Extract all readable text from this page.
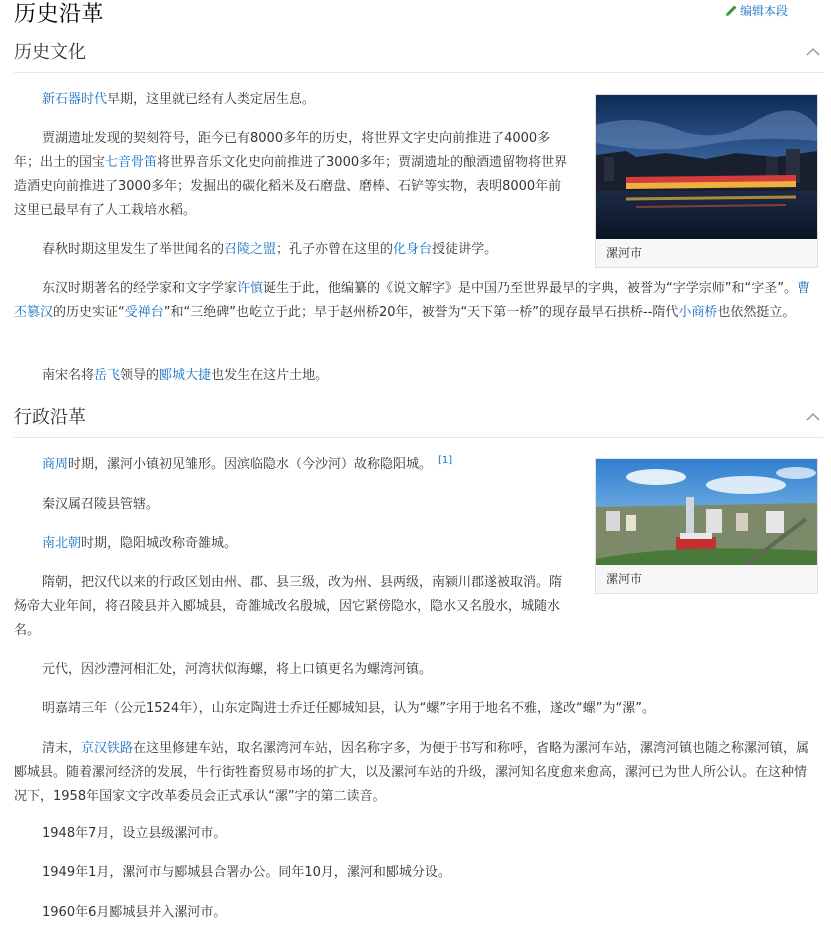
历史沿革	编辑本段
历史文化

新石器时代早期，这里就已经有人类定居生息。

贾湖遗址发现的契刻符号，距今已有8000多年的历史，将世界文字史向前推进了4000多年；出土的国宝七音骨笛将世界音乐文化史向前推进了3000多年；贾湖遗址的酿酒遗留物将世界造酒史向前推进了3000多年；发掘出的碳化稻米及石磨盘、磨棒、石铲等实物，表明8000年前这里已最早有了人工栽培水稻。

春秋时期这里发生了举世闻名的召陵之盟；孔子亦曾在这里的化身台授徒讲学。

东汉时期著名的经学家和文字学家许慎诞生于此，他编纂的《说文解字》是中国乃至世界最早的字典，被誉为“字学宗师”和“字圣”。曹丕篡汉的历史实证“受禅台”和“三绝碑”也屹立于此；早于赵州桥20年，被誉为“天下第一桥”的现存最早石拱桥--隋代小商桥也依然挺立。

南宋名将岳飞领导的郾城大捷也发生在这片土地。

漯河市
行政沿革

商周时期，漯河小镇初见雏形。因滨临隐水（今沙河）故称隐阳城。 [1]

秦汉属召陵县管辖。

南北朝时期，隐阳城改称奇雒城。

隋朝，把汉代以来的行政区划由州、郡、县三级，改为州、县两级，南颍川郡遂被取消。隋炀帝大业年间，将召陵县并入郾城县，奇雒城改名殷城，因它紧傍隐水，隐水又名殷水，城随水名。

元代，因沙澧河相汇处，河湾状似海螺，将上口镇更名为螺湾河镇。

明嘉靖三年（公元1524年），山东定陶进士乔迁任郾城知县，认为“螺”字用于地名不雅，遂改“螺”为“漯”。

清末，京汉铁路在这里修建车站，取名漯湾河车站，因名称字多，为便于书写和称呼，省略为漯河车站，漯湾河镇也随之称漯河镇，属郾城县。随着漯河经济的发展，牛行街牲畜贸易市场的扩大，以及漯河车站的升级，漯河知名度愈来愈高，漯河已为世人所公认。在这种情况下，1958年国家文字改革委员会正式承认“漯”字的第二读音。

1948年7月，设立县级漯河市。

1949年1月，漯河市与郾城县合署办公。同年10月，漯河和郾城分设。

1960年6月郾城县并入漯河市。

漯河市
